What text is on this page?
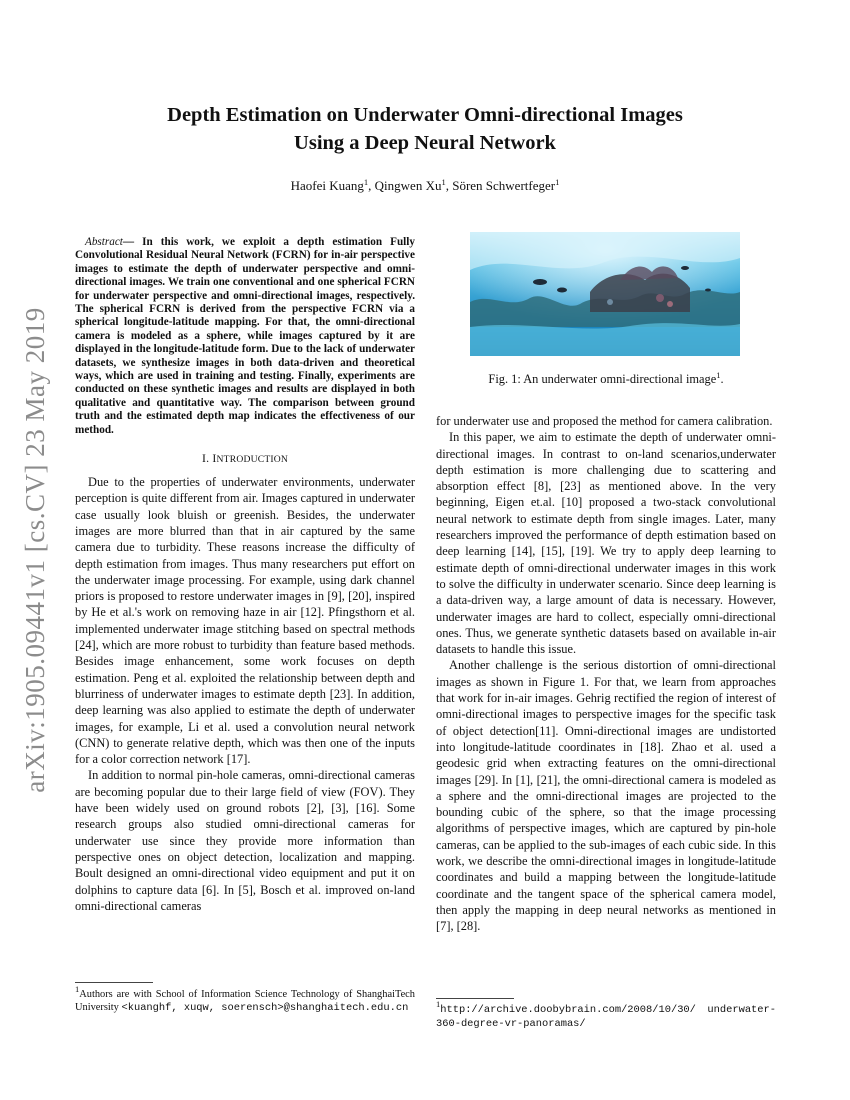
arXiv:1905.09441v1 [cs.CV] 23 May 2019
Depth Estimation on Underwater Omni-directional Images
Using a Deep Neural Network
Haofei Kuang$^1$, Qingwen Xu$^1$, Sören Schwertfeger$^1$

Abstract— In this work, we exploit a depth estimation Fully Convolutional Residual Neural Network (FCRN) for in-air perspective images to estimate the depth of underwater perspective and omni-directional images. We train one conventional and one spherical FCRN for underwater perspective and omni-directional images, respectively. The spherical FCRN is derived from the perspective FCRN via a spherical longitude-latitude mapping. For that, the omni-directional camera is modeled as a sphere, while images captured by it are displayed in the longitude-latitude form. Due to the lack of underwater datasets, we synthesize images in both data-driven and theoretical ways, which are used in training and testing. Finally, experiments are conducted on these synthetic images and results are displayed in both qualitative and quantitative way. The comparison between ground truth and the estimated depth map indicates the effectiveness of our method.

I. INTRODUCTION

Due to the properties of underwater environments, underwater perception is quite different from air. Images captured in underwater case usually look bluish or greenish. Besides, the underwater images are more blurred than that in air captured by the same camera due to turbidity. These reasons increase the difficulty of depth estimation from images. Thus many researchers put effort on the underwater image processing. For example, using dark channel priors is proposed to restore underwater images in [9], [20], inspired by He et al.'s work on removing haze in air [12]. Pfingsthorn et al. implemented underwater image stitching based on spectral methods [24], which are more robust to turbidity than feature based methods. Besides image enhancement, some work focuses on depth estimation. Peng et al. exploited the relationship between depth and blurriness of underwater images to estimate depth [23]. In addition, deep learning was also applied to estimate the depth of underwater images, for example, Li et al. used a convolution neural network (CNN) to generate relative depth, which was then one of the inputs for a color correction network [17].

In addition to normal pin-hole cameras, omni-directional cameras are becoming popular due to their large field of view (FOV). They have been widely used on ground robots [2], [3], [16]. Some research groups also studied omni-directional cameras for underwater use since they provide more information than perspective ones on object detection, localization and mapping. Boult designed an omni-directional video equipment and put it on dolphins to capture data [6]. In [5], Bosch et al. improved on-land omni-directional cameras

$^1$Authors are with School of Information Science Technology of ShanghaiTech University <kuanghf, xuqw, soerensch>@shanghaitech.edu.cn
Fig. 1: An underwater omni-directional image$^1$.

for underwater use and proposed the method for camera calibration.

In this paper, we aim to estimate the depth of underwater omni-directional images. In contrast to on-land scenarios,underwater depth estimation is more challenging due to scattering and absorption effect [8], [23] as mentioned above. In the very beginning, Eigen et.al. [10] proposed a two-stack convolutional neural network to estimate depth from single images. Later, many researchers improved the performance of depth estimation based on deep learning [14], [15], [19]. We try to apply deep learning to estimate depth of omni-directional underwater images in this work to solve the difficulty in underwater scenario. Since deep learning is a data-driven way, a large amount of data is necessary. However, underwater images are hard to collect, especially omni-directional ones. Thus, we generate synthetic datasets based on available in-air datasets to handle this issue.

Another challenge is the serious distortion of omni-directional images as shown in Figure 1. For that, we learn from approaches that work for in-air images. Gehrig rectified the region of interest of omni-directional images to perspective images for the specific task of object detection[11]. Omni-directional images are undistorted into longitude-latitude coordinates in [18]. Zhao et al. used a geodesic grid when extracting features on the omni-directional images [29]. In [1], [21], the omni-directional camera is modeled as a sphere and the omni-directional images are projected to the bounding cubic of the sphere, so that the image processing algorithms of perspective images, which are captured by pin-hole cameras, can be applied to the sub-images of each cubic side. In this work, we describe the omni-directional images in longitude-latitude coordinates and build a mapping between the longitude-latitude coordinate and the tangent space of the spherical camera model, then apply the mapping in deep neural networks as mentioned in [7], [28].

$^1$http://archive.doobybrain.com/2008/10/30/ underwater-360-degree-vr-panoramas/
